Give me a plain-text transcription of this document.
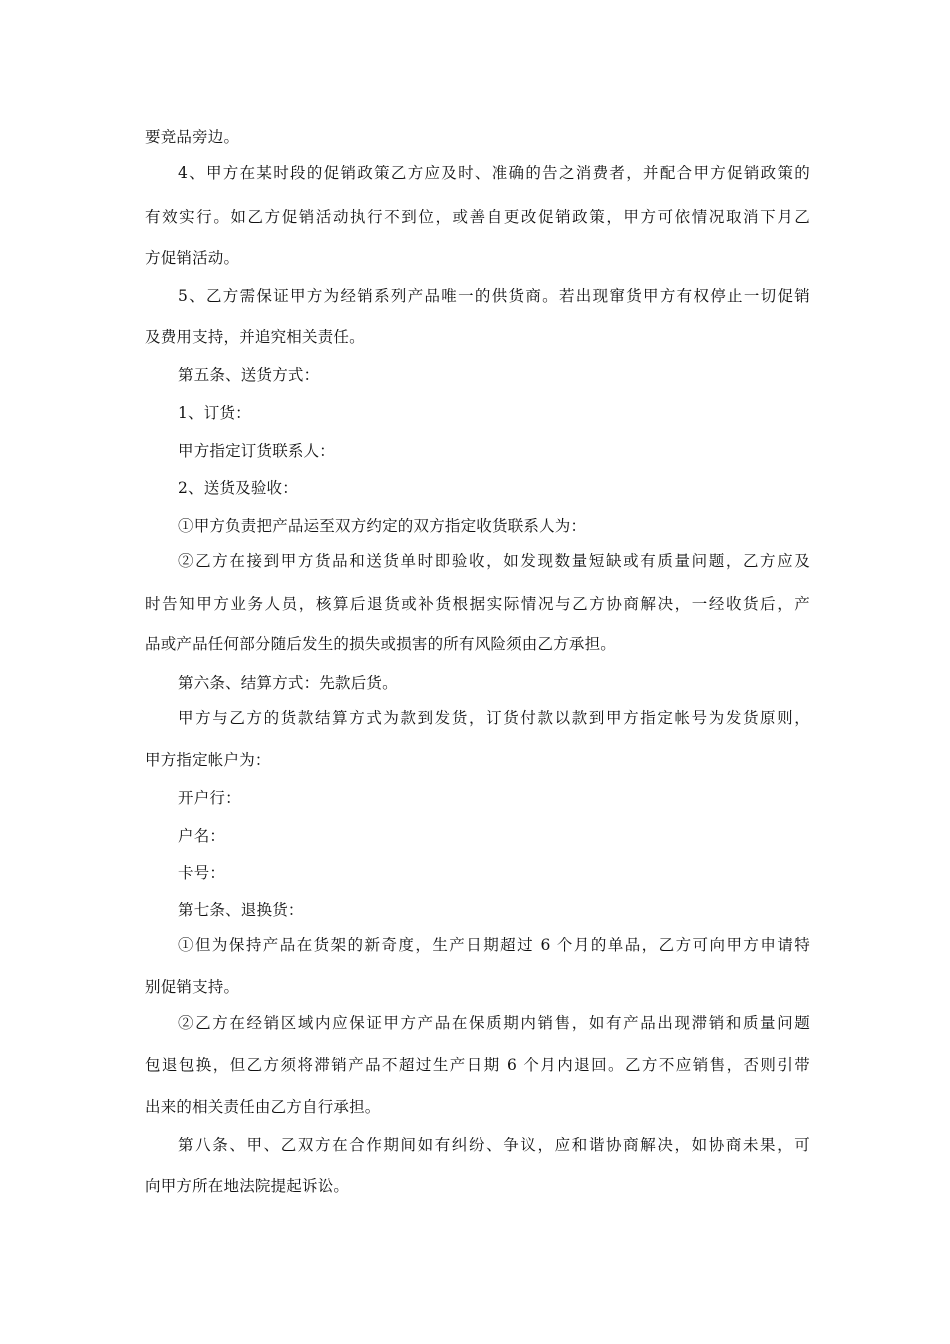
要竞品旁边。
4、甲方在某时段的促销政策乙方应及时、准确的告之消费者，并配合甲方促销政策的
有效实行。如乙方促销活动执行不到位，或善自更改促销政策，甲方可依情况取消下月乙
方促销活动。
5、乙方需保证甲方为经销系列产品唯一的供货商。若出现窜货甲方有权停止一切促销
及费用支持，并追究相关责任。
第五条、送货方式：
1、订货：
甲方指定订货联系人：
2、送货及验收：
①甲方负责把产品运至双方约定的双方指定收货联系人为：
②乙方在接到甲方货品和送货单时即验收，如发现数量短缺或有质量问题，乙方应及
时告知甲方业务人员，核算后退货或补货根据实际情况与乙方协商解决，一经收货后，产
品或产品任何部分随后发生的损失或损害的所有风险须由乙方承担。
第六条、结算方式：先款后货。
甲方与乙方的货款结算方式为款到发货，订货付款以款到甲方指定帐号为发货原则，
甲方指定帐户为：
开户行：
户名：
卡号：
第七条、退换货：
①但为保持产品在货架的新奇度，生产日期超过 6 个月的单品，乙方可向甲方申请特
别促销支持。
②乙方在经销区域内应保证甲方产品在保质期内销售，如有产品出现滞销和质量问题
包退包换，但乙方须将滞销产品不超过生产日期 6 个月内退回。乙方不应销售，否则引带
出来的相关责任由乙方自行承担。
第八条、甲、乙双方在合作期间如有纠纷、争议，应和谐协商解决，如协商未果，可
向甲方所在地法院提起诉讼。
